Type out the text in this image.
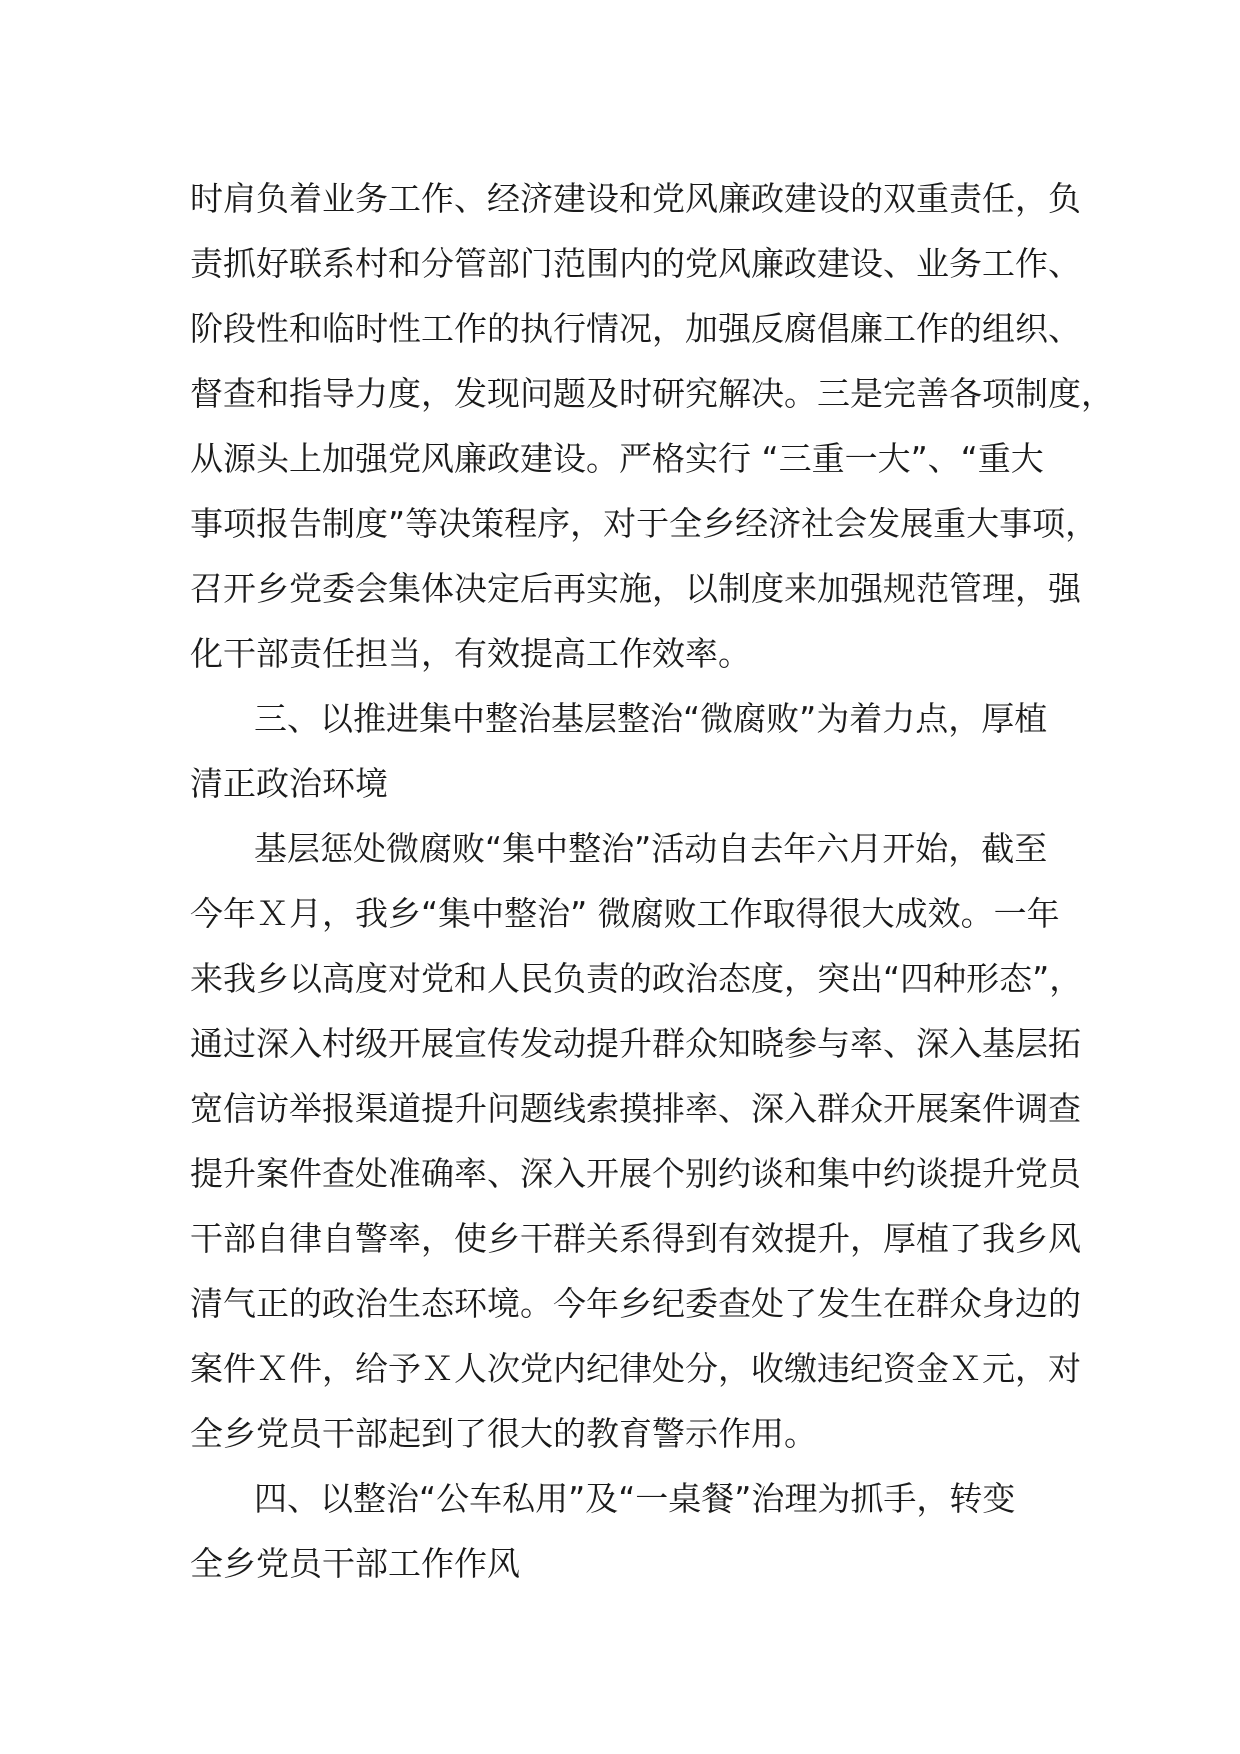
时肩负着业务工作、经济建设和党风廉政建设的双重责任，负
责抓好联系村和分管部门范围内的党风廉政建设、业务工作、
阶段性和临时性工作的执行情况，加强反腐倡廉工作的组织、
督查和指导力度，发现问题及时研究解决。三是完善各项制度，
从源头上加强党风廉政建设。严格实行 “三重一大”、“重大
事项报告制度”等决策程序，对于全乡经济社会发展重大事项，
召开乡党委会集体决定后再实施，以制度来加强规范管理，强
化干部责任担当，有效提高工作效率。
三、以推进集中整治基层整治“微腐败”为着力点，厚植
清正政治环境
基层惩处微腐败“集中整治”活动自去年六月开始，截至
今年Ｘ月，我乡“集中整治” 微腐败工作取得很大成效。一年
来我乡以高度对党和人民负责的政治态度，突出“四种形态”，
通过深入村级开展宣传发动提升群众知晓参与率、深入基层拓
宽信访举报渠道提升问题线索摸排率、深入群众开展案件调查
提升案件查处准确率、深入开展个别约谈和集中约谈提升党员
干部自律自警率，使乡干群关系得到有效提升，厚植了我乡风
清气正的政治生态环境。今年乡纪委查处了发生在群众身边的
案件Ｘ件，给予Ｘ人次党内纪律处分，收缴违纪资金Ｘ元，对
全乡党员干部起到了很大的教育警示作用。
四、以整治“公车私用”及“一桌餐”治理为抓手，转变
全乡党员干部工作作风
